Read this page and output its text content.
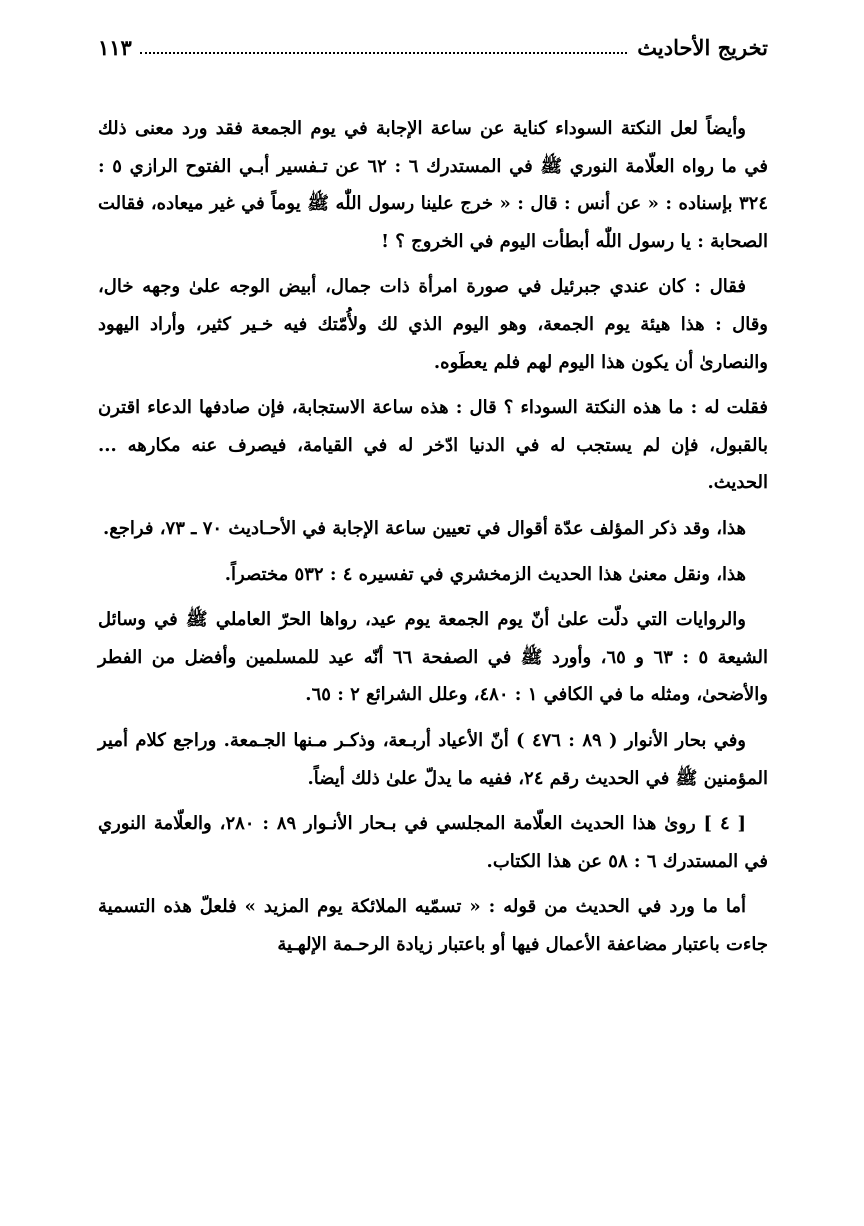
تخريج الأحاديث
١١٣

وأيضاً لعل النكتة السوداء كناية عن ساعة الإجابة في يوم الجمعة فقد ورد معنى ذلك في ما رواه العلّامة النوري ﷺ في المستدرك ٦ : ٦٢ عن تـفسير أبـي الفتوح الرازي ٥ : ٣٢٤ بإسناده : « عن أنس : قال : « خرج علينا رسول اللّٰه ﷺ يوماً في غير ميعاده، فقالت الصحابة : يا رسول اللّٰه أبطأت اليوم في الخروج ؟ !

فقال : كان عندي جبرئيل في صورة امرأة ذات جمال، أبيض الوجه علىٰ وجهه خال، وقال : هذا هيئة يوم الجمعة، وهو اليوم الذي لك ولأُمّتك فيه خـير كثير، وأراد اليهود والنصارىٰ أن يكون هذا اليوم لهم فلم يعطَوه.

فقلت له : ما هذه النكتة السوداء ؟ قال : هذه ساعة الاستجابة، فإن صادفها الدعاء اقترن بالقبول، فإن لم يستجب له في الدنيا ادّخر له في القيامة، فيصرف عنه مكارهه ... الحديث.

هذا، وقد ذكر المؤلف عدّة أقوال في تعيين ساعة الإجابة في الأحـاديث ٧٠ ـ ٧٣، فراجع.

هذا، ونقل معنىٰ هذا الحديث الزمخشري في تفسيره ٤ : ٥٣٢ مختصراً.

والروايات التي دلّت علىٰ أنّ يوم الجمعة يوم عيد، رواها الحرّ العاملي ﷺ في وسائل الشيعة ٥ : ٦٣ و ٦٥، وأورد ﷺ في الصفحة ٦٦ أنّه عيد للمسلمين وأفضل من الفطر والأضحىٰ، ومثله ما في الكافي ١ : ٤٨٠، وعلل الشرائع ٢ : ٦٥.

وفي بحار الأنوار ( ٨٩ : ٤٧٦ ) أنّ الأعياد أربـعة، وذكـر مـنها الجـمعة. وراجع كلام أمير المؤمنين ﷺ في الحديث رقم ٢٤، ففيه ما يدلّ علىٰ ذلك أيضاً.

[ ٤ ] روىٰ هذا الحديث العلّامة المجلسي في بـحار الأنـوار ٨٩ : ٢٨٠، والعلّامة النوري في المستدرك ٦ : ٥٨ عن هذا الكتاب.

أما ما ورد في الحديث من قوله : « تسمّيه الملائكة يوم المزيد » فلعلّ هذه التسمية جاءت باعتبار مضاعفة الأعمال فيها أو باعتبار زيادة الرحـمة الإلهـية
